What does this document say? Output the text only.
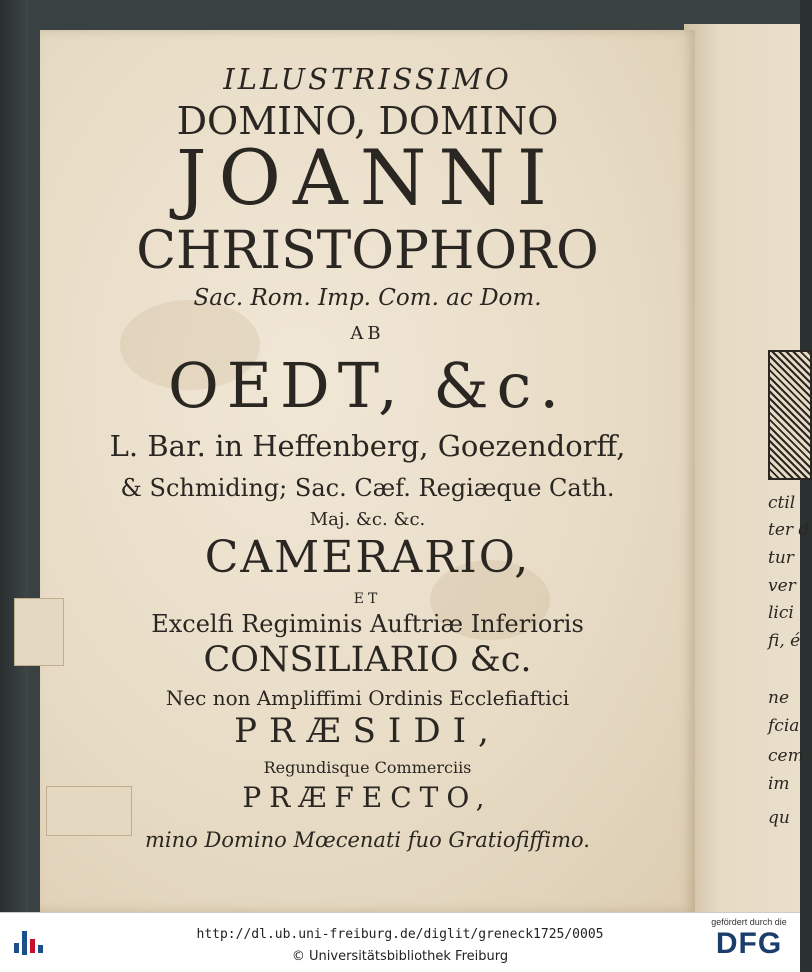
ILLUSTRISSIMO
DOMINO, DOMINO
JOANNI
CHRISTOPHORO
Sac. Rom. Imp. Com. ac Dom.
AB
OEDT, &c.
L. Bar. in Heffenberg, Goezendorff,
& Schmiding; Sac. Cæf. Regiæque Cath.
Maj. &c. &c.
CAMERARIO,
ET
Excelfi Regiminis Auftriæ Inferioris
CONSILIARIO &c.
Nec non Ampliffimi Ordinis Ecclefiaftici
PRÆSIDI,
Regundisque Commerciis
PRÆFECTO,
mino Domino Mœcenati fuo Gratiofiffimo.
ctil
ter d
tur
ver
lici
fi, é
ne
fcia
cem
im
qu
http://dl.ub.uni-freiburg.de/diglit/greneck1725/0005
© Universitätsbibliothek Freiburg
gefördert durch die
DFG
